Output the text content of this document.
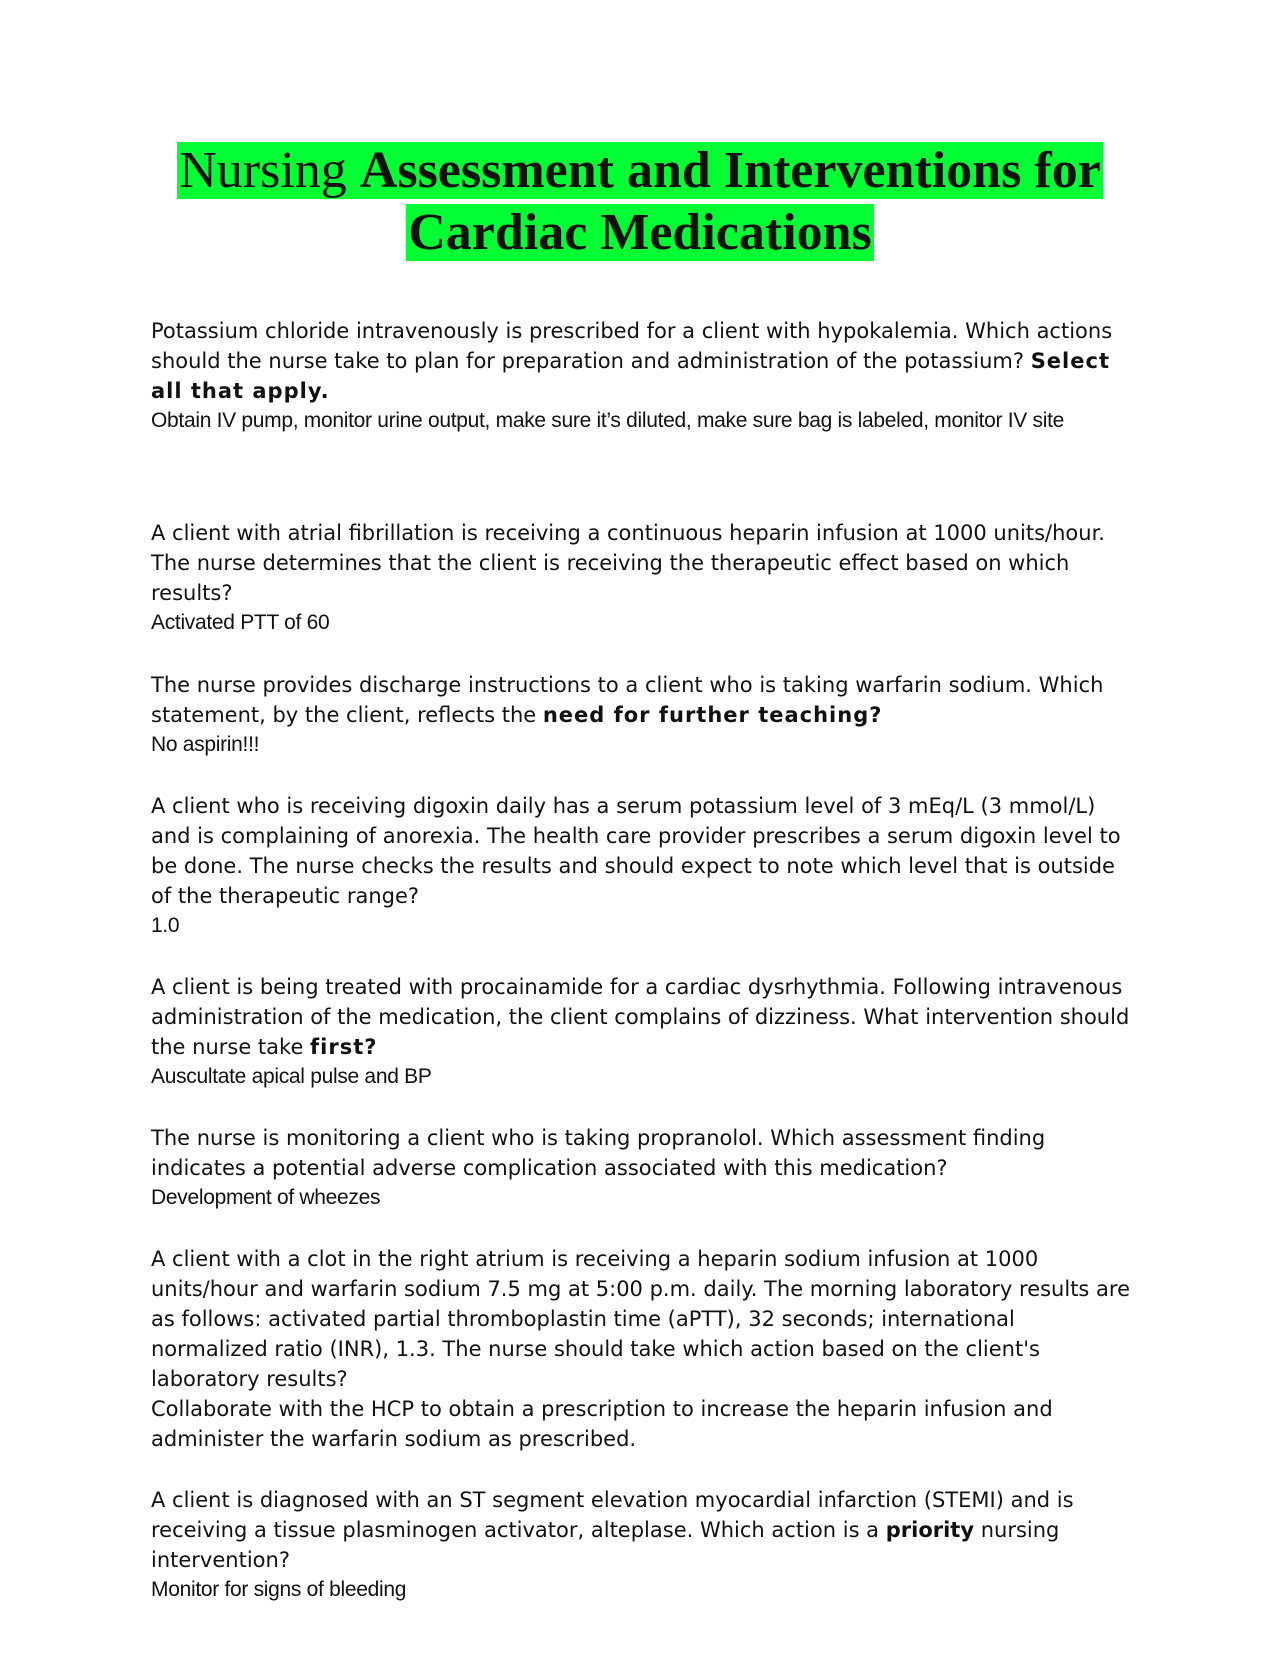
Nursing Assessment and Interventions for
Cardiac Medications

Potassium chloride intravenously is prescribed for a client with hypokalemia. Which actions should the nurse take to plan for preparation and administration of the potassium? Select all that apply.

Obtain IV pump, monitor urine output, make sure it’s diluted, make sure bag is labeled, monitor IV site

A client with atrial fibrillation is receiving a continuous heparin infusion at 1000 units/hour. The nurse determines that the client is receiving the therapeutic effect based on which results?

Activated PTT of 60

The nurse provides discharge instructions to a client who is taking warfarin sodium. Which statement, by the client, reflects the need for further teaching?

No aspirin!!!

A client who is receiving digoxin daily has a serum potassium level of 3 mEq/L (3 mmol/L) and is complaining of anorexia. The health care provider prescribes a serum digoxin level to be done. The nurse checks the results and should expect to note which level that is outside of the therapeutic range?

1.0

A client is being treated with procainamide for a cardiac dysrhythmia. Following intravenous administration of the medication, the client complains of dizziness. What intervention should the nurse take first?

Auscultate apical pulse and BP

The nurse is monitoring a client who is taking propranolol. Which assessment finding indicates a potential adverse complication associated with this medication?

Development of wheezes

A client with a clot in the right atrium is receiving a heparin sodium infusion at 1000 units/hour and warfarin sodium 7.5 mg at 5:00 p.m. daily. The morning laboratory results are as follows: activated partial thromboplastin time (aPTT), 32 seconds; international normalized ratio (INR), 1.3. The nurse should take which action based on the client's laboratory results?

Collaborate with the HCP to obtain a prescription to increase the heparin infusion and administer the warfarin sodium as prescribed.

A client is diagnosed with an ST segment elevation myocardial infarction (STEMI) and is receiving a tissue plasminogen activator, alteplase. Which action is a priority nursing intervention?

Monitor for signs of bleeding
